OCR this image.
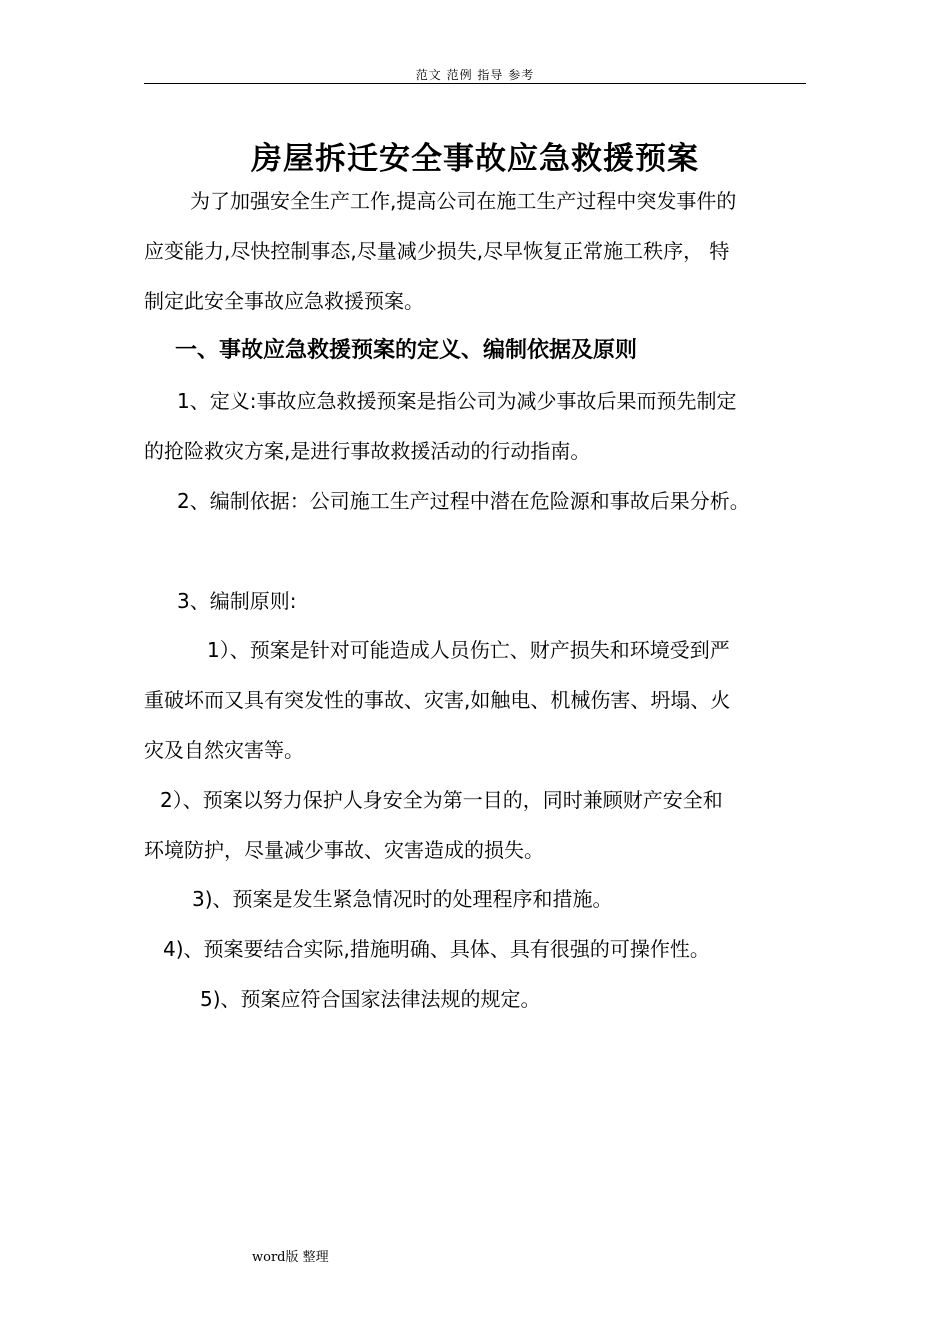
范文 范例 指导 参考
房屋拆迁安全事故应急救援预案
为了加强安全生产工作,提高公司在施工生产过程中突发事件的
应变能力,尽快控制事态,尽量减少损失,尽早恢复正常施工秩序， 特
制定此安全事故应急救援预案。
一、事故应急救援预案的定义、编制依据及原则
1、定义:事故应急救援预案是指公司为减少事故后果而预先制定
的抢险救灾方案,是进行事故救援活动的行动指南。
2、编制依据：公司施工生产过程中潜在危险源和事故后果分析。
3、编制原则:
1）、预案是针对可能造成人员伤亡、财产损失和环境受到严
重破坏而又具有突发性的事故、灾害,如触电、机械伤害、坍塌、火
灾及自然灾害等。
2）、预案以努力保护人身安全为第一目的，同时兼顾财产安全和
环境防护，尽量减少事故、灾害造成的损失。
3)、预案是发生紧急情况时的处理程序和措施。
4)、预案要结合实际,措施明确、具体、具有很强的可操作性。
5)、预案应符合国家法律法规的规定。
word版 整理
